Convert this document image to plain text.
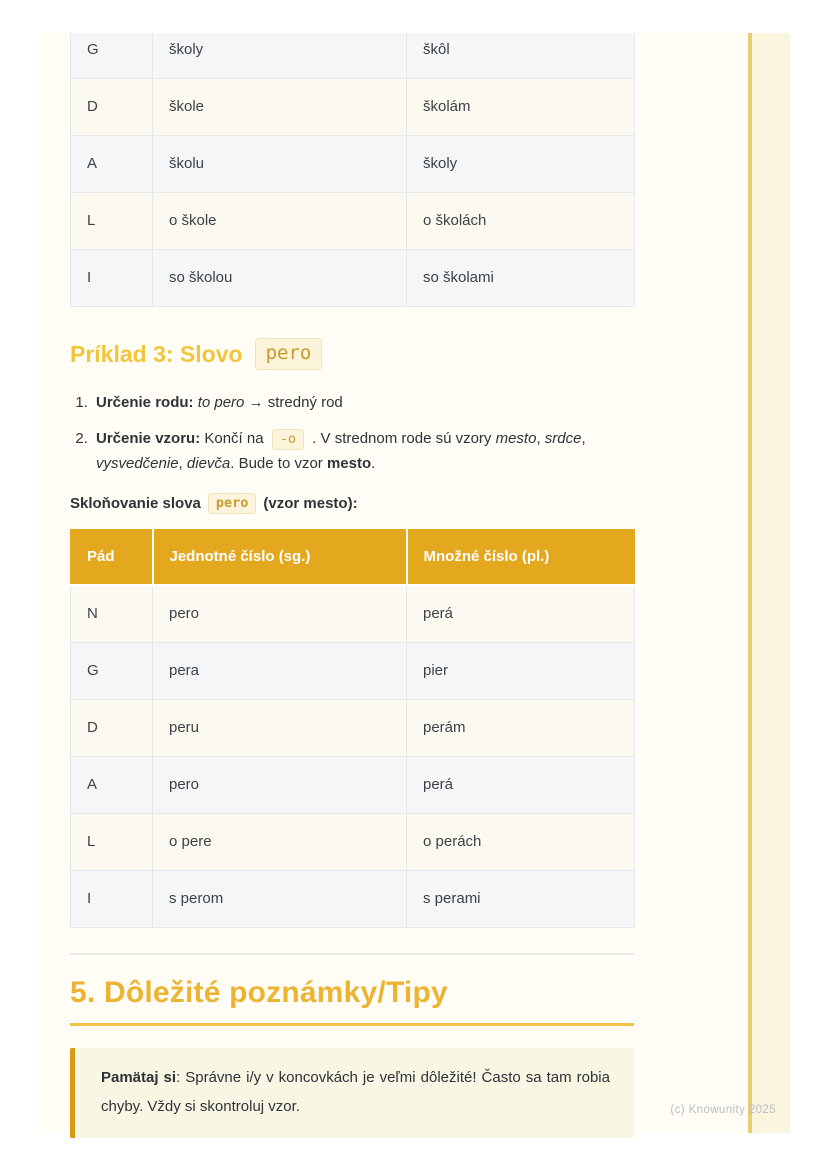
G	školy	škôl
D	škole	školám
A	školu	školy
L	o škole	o školách
I	so školou	so školami
Príklad 3: Slovo	pero
1. Určenie rodu: to pero → stredný rod
2. Určenie vzoru: Končí na -o . V strednom rode sú vzory mesto, srdce, vysvedčenie, dievča. Bude to vzor mesto.

Skloňovanie slova	pero	(vzor mesto):

Pád	Jednotné číslo (sg.)	Množné číslo (pl.)
N	pero	perá
G	pera	pier
D	peru	perám
A	pero	perá
L	o pere	o perách
I	s perom	s perami
5. Dôležité poznámky/Tipy

Pamätaj si: Správne i/y v koncovkách je veľmi dôležité! Často sa tam robia chyby. Vždy si skontroluj vzor.	(c) Knowunity 2025
